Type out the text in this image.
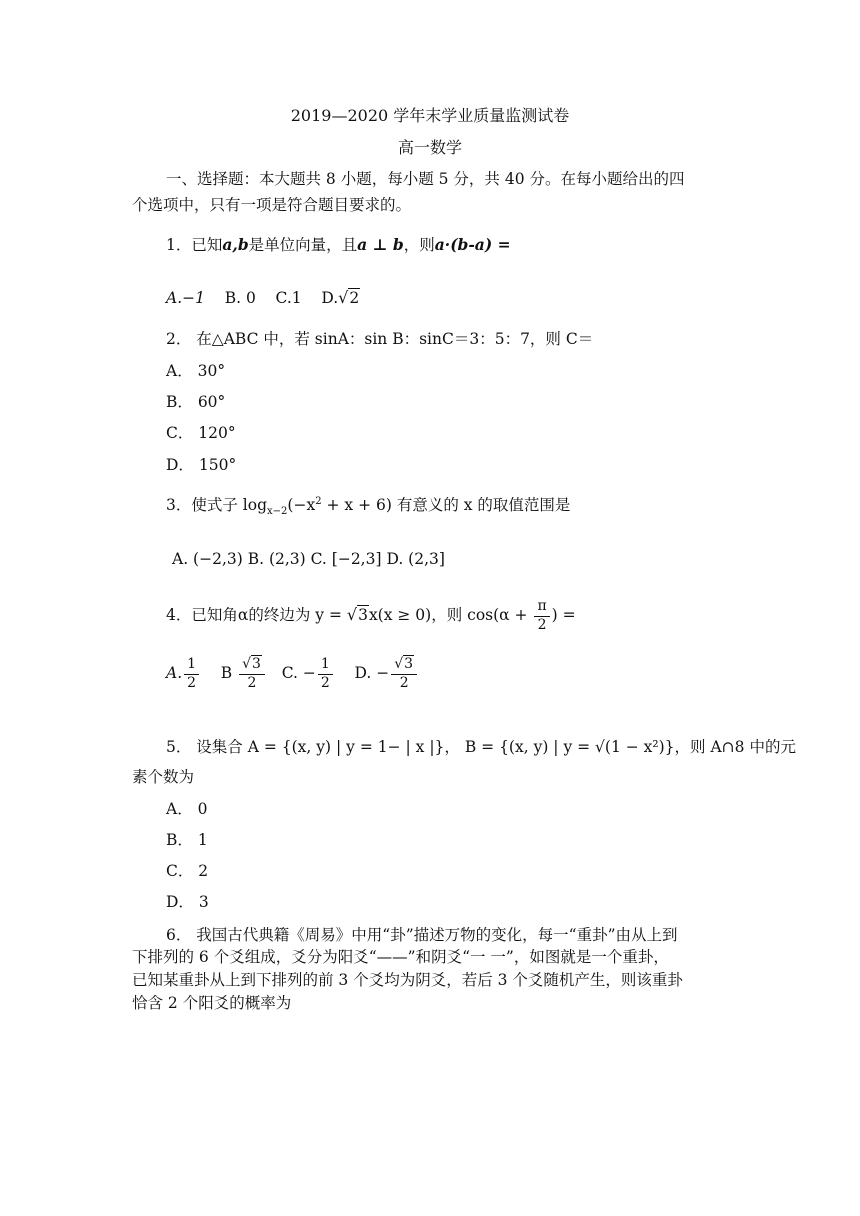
2019—2020 学年末学业质量监测试卷
高一数学
一、选择题：本大题共 8 小题，每小题 5 分，共 40 分。在每小题给出的四
个选项中，只有一项是符合题目要求的。
1．已知a,b是单位向量，且a ⊥ b，则a·(b-a) =
A.−1 B. 0 C.1 D.√2
2． 在△ABC 中，若 sinA：sin B：sinC＝3：5：7，则 C＝
A． 30°
B． 60°
C． 120°
D． 150°
3．使式子 $\log_{x-2}(-x^2 + x + 6)$ 有意义的 x 的取值范围是
A. (−2,3) B. (2,3) C. [−2,3] D. (2,3]
4．已知角α的终边为 y = √3x(x ≥ 0)，则 $\cos(\alpha + \frac{\pi}{2}$ ) =
A. $\frac{1}{2}$ B $\frac{√3}{2} C$. − $\frac{1}{2} D$. − $\frac{√3}{2}$
5． 设集合 A = {(x, y) | y = 1− | x |}， B = {(x, y) | y = √(1 − x²)}，则 A∩8 中的元
素个数为
A． 0
B． 1
C． 2
D． 3
6． 我国古代典籍《周易》中用“卦”描述万物的变化，每一“重卦”由从上到
下排列的 6 个爻组成，爻分为阳爻“——”和阴爻“一 一”，如图就是一个重卦，
已知某重卦从上到下排列的前 3 个爻均为阴爻，若后 3 个爻随机产生，则该重卦
恰含 2 个阳爻的概率为
